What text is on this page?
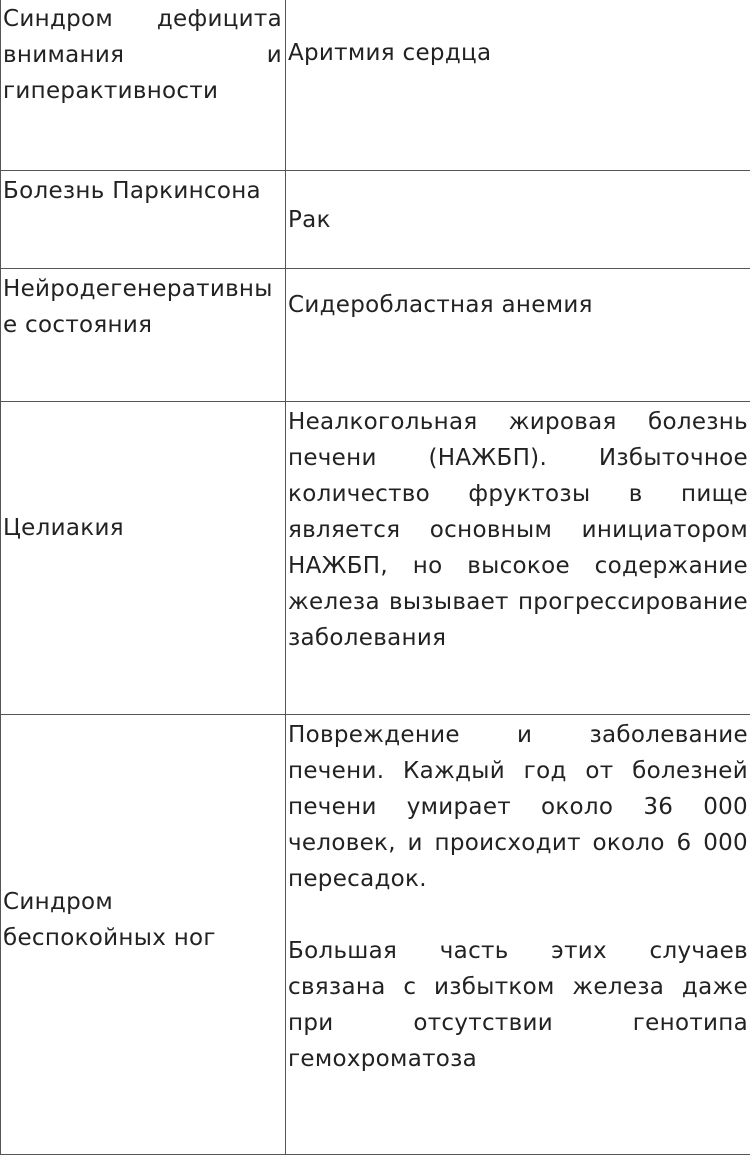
Синдром дефицита внимания и гиперактивности	Аритмия сердца

Болезнь Паркинсона	Рак

Нейродегенеративные состояния	Сидеробластная анемия

Целиакия	Неалкогольная жировая болезнь печени (НАЖБП). Избыточное количество фруктозы в пище является основным инициатором НАЖБП, но высокое содержание железа вызывает прогрессирование заболевания

Синдром беспокойных ног	Повреждение и заболевание печени. Каждый год от болезней печени умирает около 36 000 человек, и происходит около 6 000 пересадок.
Большая часть этих случаев связана с избытком железа даже при отсутствии генотипа гемохроматоза
